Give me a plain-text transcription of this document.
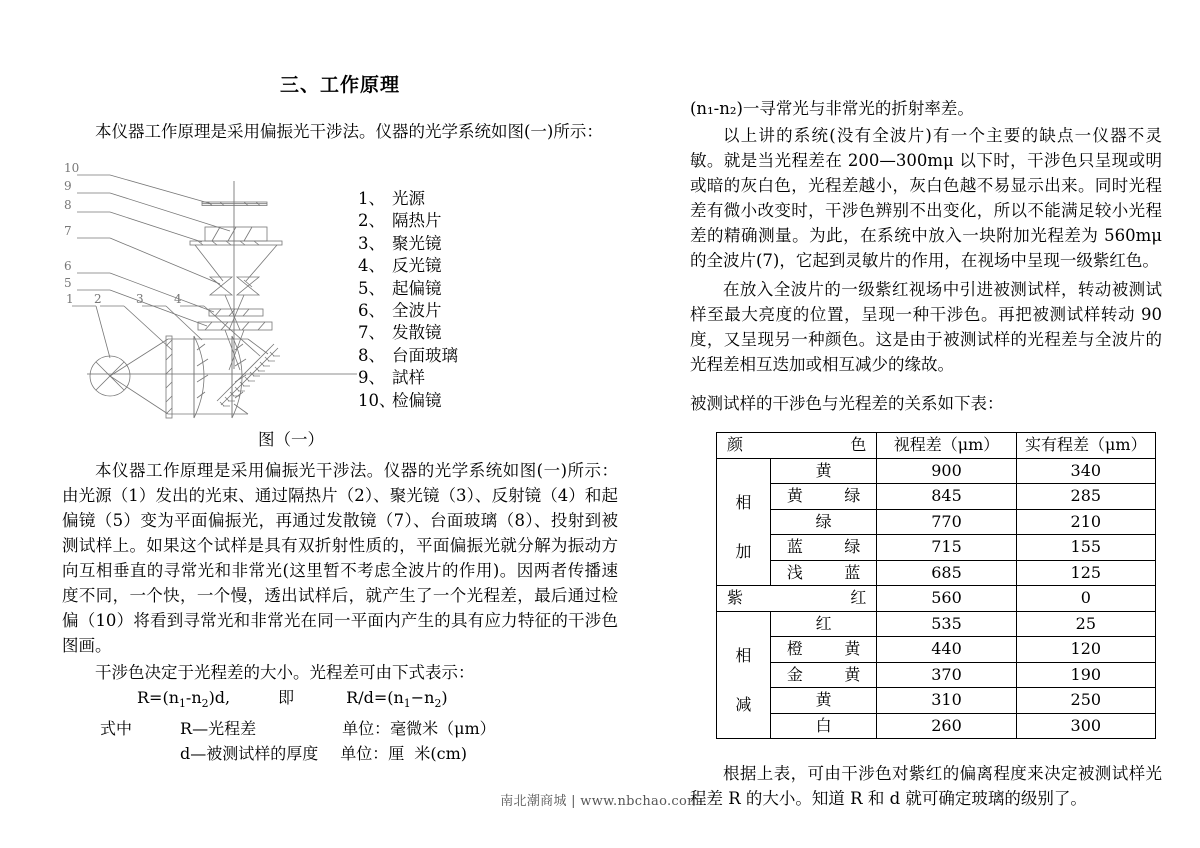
三、工作原理

本仪器工作原理是采用偏振光干涉法。仪器的光学系统如图(一)所示：

10
9
8
7
6
5
1 2	3	4
1、 光源
2、 隔热片
3、 聚光镜
4、 反光镜
5、 起偏镜
6、 全波片
7、 发散镜
8、 台面玻璃
9、 試样
10、检偏镜
图（一）

本仪器工作原理是采用偏振光干涉法。仪器的光学系统如图(一)所示：由光源（1）发出的光束、通过隔热片（2）、聚光镜（3）、反射镜（4）和起偏镜（5）变为平面偏振光，再通过发散镜（7）、台面玻璃（8）、投射到被测试样上。如果这个试样是具有双折射性质的，平面偏振光就分解为振动方向互相垂直的寻常光和非常光(这里暂不考虑全波片的作用)。因两者传播速度不同，一个快，一个慢，透出试样后，就产生了一个光程差，最后通过检偏（10）将看到寻常光和非常光在同一平面内产生的具有应力特征的干涉色图画。

干涉色决定于光程差的大小。光程差可由下式表示：

$R=(n_1-n_2)d$,	即	$R/d=(n_1-n_2)$

式中	R—光程差	单位：毫微米（μm）

d—被测试样的厚度 单位：厘  米(cm)

(n₁-n₂)一寻常光与非常光的折射率差。

以上讲的系统(没有全波片)有一个主要的缺点一仪器不灵敏。就是当光程差在 200—300mμ 以下时，干涉色只呈现或明或暗的灰白色，光程差越小，灰白色越不易显示出来。同时光程差有微小改变时，干涉色辨别不出变化，所以不能满足较小光程差的精确测量。为此，在系统中放入一块附加光程差为 560mμ 的全波片(7)，它起到灵敏片的作用，在视场中呈现一级紫红色。

在放入全波片的一级紫红视场中引进被测试样，转动被测试样至最大亮度的位置，呈现一种干涉色。再把被测试样转动 90 度，又呈现另一种颜色。这是由于被测试样的光程差与全波片的光程差相互迭加或相互减少的缘故。

被测试样的干涉色与光程差的关系如下表：

颜 色		视程差（μm）	实有程差（μm）

相
加	黄	900	340

	黄 绿	845	285
	绿	770	210

	蓝 绿	715	155

	浅 蓝	685	125

紫 红		560	0

相
减	红	535	25

	橙 黄	440	120

	金 黄	370	190
	黄	310	250
	白	260	300

根据上表，可由干涉色对紫红的偏离程度来决定被测试样光程差 R 的大小。知道 R 和 d 就可确定玻璃的级别了。

南北潮商城 | www.nbchao.com
